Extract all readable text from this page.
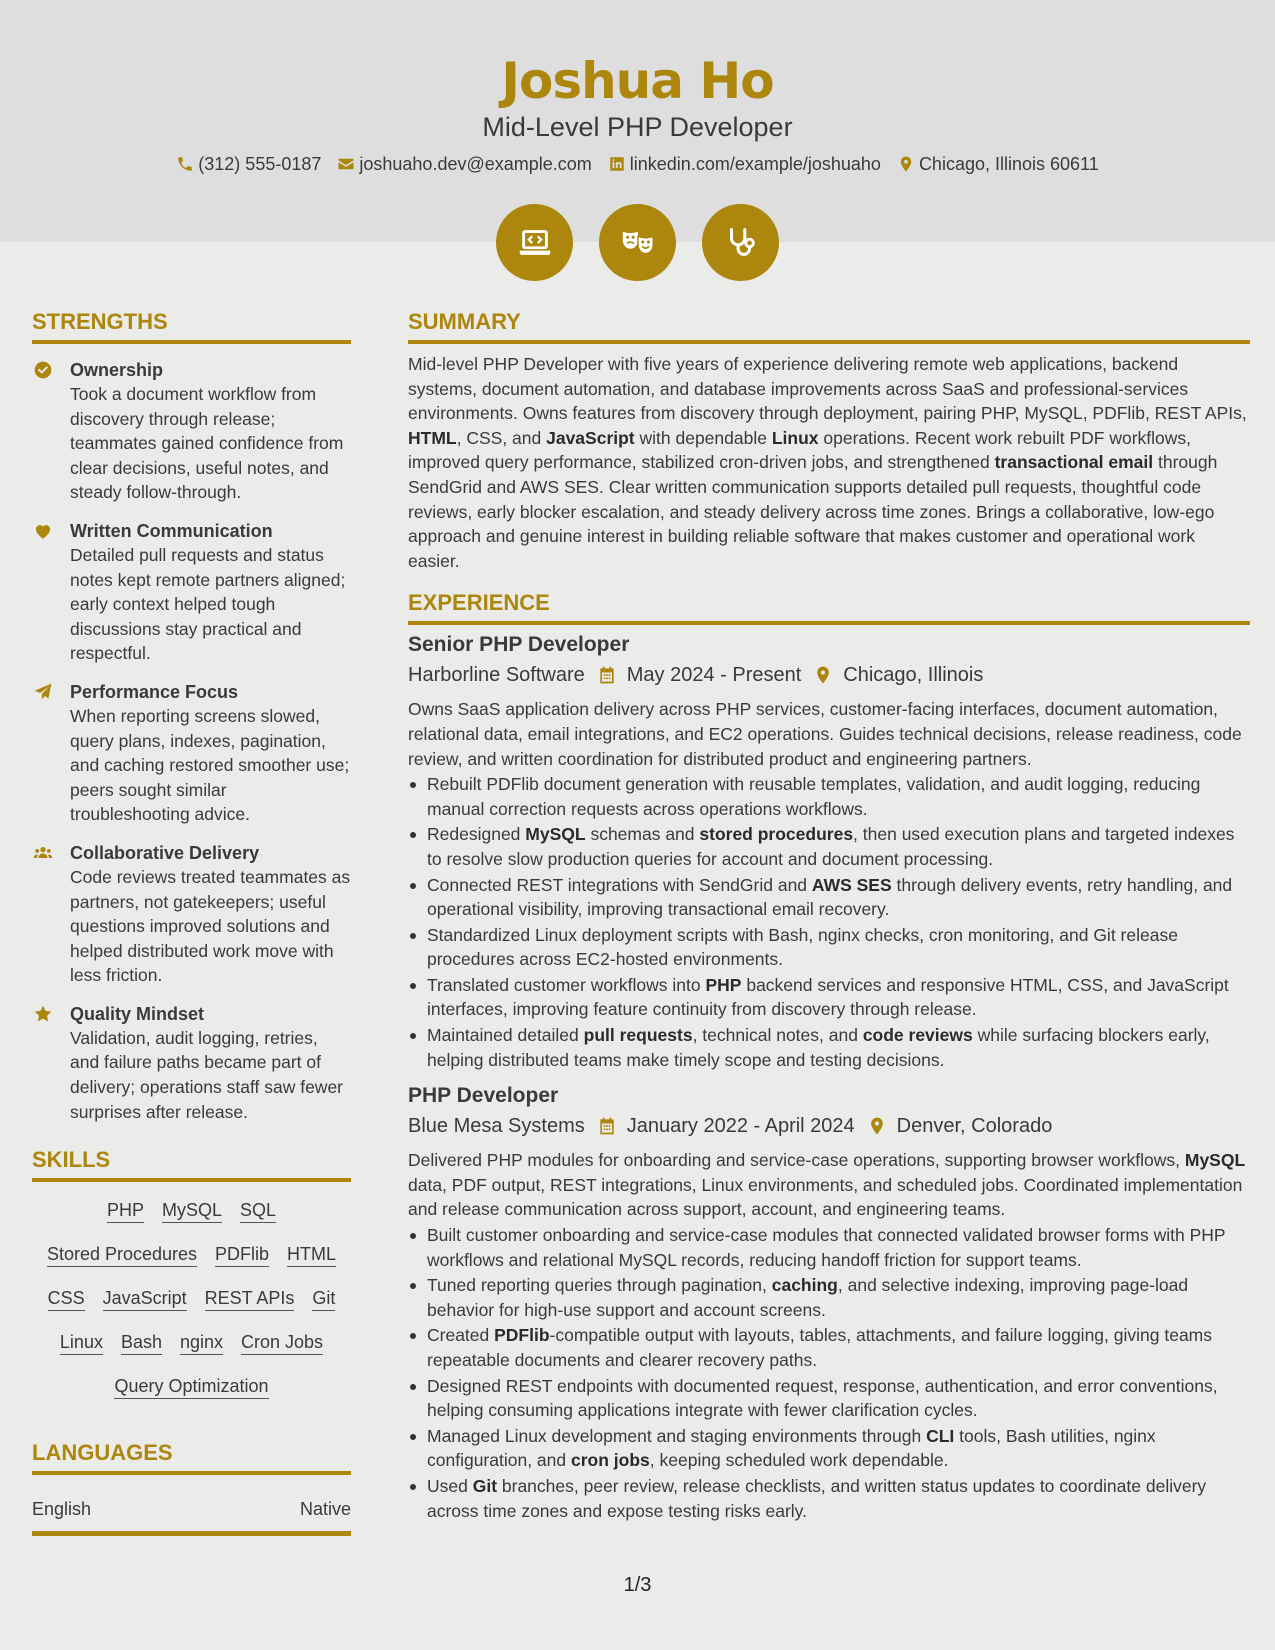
Joshua Ho
Mid-Level PHP Developer
(312) 555-0187 joshuaho.dev@example.com linkedin.com/example/joshuaho Chicago, Illinois 60611
STRENGTHS
Ownership
Took a document workflow from discovery through release; teammates gained confidence from clear decisions, useful notes, and steady follow-through.
Written Communication
Detailed pull requests and status notes kept remote partners aligned; early context helped tough discussions stay practical and respectful.
Performance Focus
When reporting screens slowed, query plans, indexes, pagination, and caching restored smoother use; peers sought similar troubleshooting advice.
Collaborative Delivery
Code reviews treated teammates as partners, not gatekeepers; useful questions improved solutions and helped distributed work move with less friction.
Quality Mindset
Validation, audit logging, retries, and failure paths became part of delivery; operations staff saw fewer surprises after release.
SKILLS
PHP MySQL SQL
Stored Procedures PDFlib HTML
CSS JavaScript REST APIs Git
Linux Bash nginx Cron Jobs
Query Optimization
LANGUAGES
English	Native
SUMMARY
Mid-level PHP Developer with five years of experience delivering remote web applications, backend systems, document automation, and database improvements across SaaS and professional-services environments. Owns features from discovery through deployment, pairing PHP, MySQL, PDFlib, REST APIs, HTML, CSS, and JavaScript with dependable Linux operations. Recent work rebuilt PDF workflows, improved query performance, stabilized cron-driven jobs, and strengthened transactional email through SendGrid and AWS SES. Clear written communication supports detailed pull requests, thoughtful code reviews, early blocker escalation, and steady delivery across time zones. Brings a collaborative, low-ego approach and genuine interest in building reliable software that makes customer and operational work easier.
EXPERIENCE
Senior PHP Developer
Harborline Software May 2024 - Present Chicago, Illinois
Owns SaaS application delivery across PHP services, customer-facing interfaces, document automation, relational data, email integrations, and EC2 operations. Guides technical decisions, release readiness, code review, and written coordination for distributed product and engineering partners.
Rebuilt PDFlib document generation with reusable templates, validation, and audit logging, reducing manual correction requests across operations workflows.
Redesigned MySQL schemas and stored procedures, then used execution plans and targeted indexes to resolve slow production queries for account and document processing.
Connected REST integrations with SendGrid and AWS SES through delivery events, retry handling, and operational visibility, improving transactional email recovery.
Standardized Linux deployment scripts with Bash, nginx checks, cron monitoring, and Git release procedures across EC2-hosted environments.
Translated customer workflows into PHP backend services and responsive HTML, CSS, and JavaScript interfaces, improving feature continuity from discovery through release.
Maintained detailed pull requests, technical notes, and code reviews while surfacing blockers early, helping distributed teams make timely scope and testing decisions.
PHP Developer
Blue Mesa Systems January 2022 - April 2024 Denver, Colorado
Delivered PHP modules for onboarding and service-case operations, supporting browser workflows, MySQL data, PDF output, REST integrations, Linux environments, and scheduled jobs. Coordinated implementation and release communication across support, account, and engineering teams.
Built customer onboarding and service-case modules that connected validated browser forms with PHP workflows and relational MySQL records, reducing handoff friction for support teams.
Tuned reporting queries through pagination, caching, and selective indexing, improving page-load behavior for high-use support and account screens.
Created PDFlib-compatible output with layouts, tables, attachments, and failure logging, giving teams repeatable documents and clearer recovery paths.
Designed REST endpoints with documented request, response, authentication, and error conventions, helping consuming applications integrate with fewer clarification cycles.
Managed Linux development and staging environments through CLI tools, Bash utilities, nginx configuration, and cron jobs, keeping scheduled work dependable.
Used Git branches, peer review, release checklists, and written status updates to coordinate delivery across time zones and expose testing risks early.
1/3
